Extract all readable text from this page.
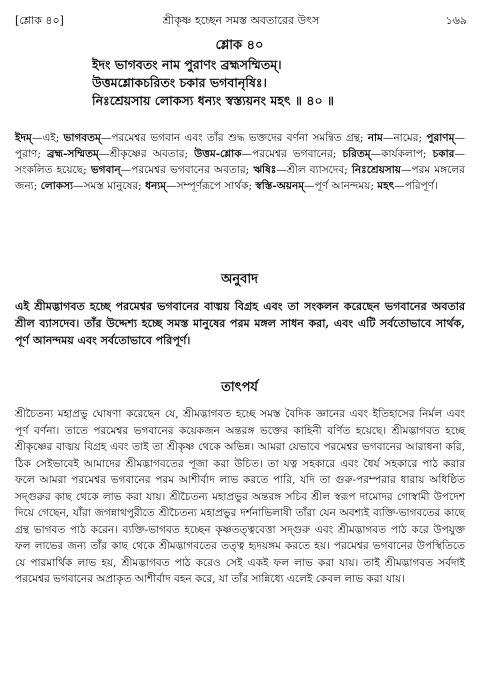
[শ্লোক ৪০]	শ্রীকৃষ্ণ হচ্ছেন সমস্ত অবতারের উৎস	১৬৯
শ্লোক ৪০
ইদং ভাগবতং নাম পুরাণং ব্রহ্মসম্মিতম্।
উত্তমশ্লোকচরিতং চকার ভগবানৃষিঃ।
নিঃশ্রেয়সায় লোকস্য ধন্যং স্বস্ত্যয়নং মহৎ ॥ ৪০ ॥
ইদম্—এই; ভাগবতম্—পরমেশ্বর ভগবান এবং তাঁর শুদ্ধ ভক্তদের বর্ণনা সমন্বিত গ্রন্থ; নাম—নামের; পুরাণম্—পুরাণ; ব্রহ্ম-সম্মিতম্—শ্রীকৃষ্ণের অবতার; উত্তম-শ্লোক—পরমেশ্বর ভগবানের; চরিতম্—কার্যকলাপ; চকার—সংকলিত হয়েছে; ভগবান্—পরমেশ্বর ভগবানের অবতার; ঋষিঃ—শ্রীল ব্যাসদেব; নিঃশ্রেয়সায়—পরম মঙ্গলের জন্য; লোকস্য—সমস্ত মানুষের; ধন্যম্—সম্পূর্ণরূপে সার্থক; স্বস্তি-অয়নম্—পূর্ণ আনন্দময়; মহৎ—পরিপূর্ণ।
অনুবাদ
এই শ্রীমদ্ভাগবত হচ্ছে পরমেশ্বর ভগবানের বাঙ্ময় বিগ্রহ এবং তা সংকলন করেছেন ভগবানের অবতার শ্রীল ব্যাসদেব। তাঁর উদ্দেশ্য হচ্ছে সমস্ত মানুষের পরম মঙ্গল সাধন করা, এবং এটি সর্বতোভাবে সার্থক, পূর্ণ আনন্দময় এবং সর্বতোভাবে পরিপূর্ণ।
তাৎপর্য
শ্রীচৈতন্য মহাপ্রভু ঘোষণা করেছেন যে, শ্রীমদ্ভাগবত হচ্ছে সমস্ত বৈদিক জ্ঞানের এবং ইতিহাসের নির্মল এবং পূর্ণ বর্ণনা। তাতে পরমেশ্বর ভগবানের কয়েকজন অন্তরঙ্গ ভক্তের কাহিনী বর্ণিত হয়েছে। শ্রীমদ্ভাগবত হচ্ছে শ্রীকৃষ্ণের বাঙ্ময় বিগ্রহ এবং তাই তা শ্রীকৃষ্ণ থেকে অভিন্ন। আমরা যেভাবে পরমেশ্বর ভগবানের আরাধনা করি, ঠিক সেইভাবেই আমাদের শ্রীমদ্ভাগবতের পূজা করা উচিত। তা যত্ন সহকারে এবং ধৈর্য সহকারে পাঠ করার ফলে আমরা পরমেশ্বর ভগবানের পরম আশীর্বাদ লাভ করতে পারি, যদি তা গুরু-পরম্পরার ধারায় অধিষ্ঠিত সদ্গুরুর কাছ থেকে লাভ করা যায়। শ্রীচৈতন্য মহাপ্রভুর অন্তরঙ্গ সচিব শ্রীল স্বরূপ দামোদর গোস্বামী উপদেশ দিয়ে গেছেন, যাঁরা জগন্নাথপুরীতে শ্রীচৈতন্য মহাপ্রভুর দর্শনাভিলাষী তাঁরা যেন অবশ্যই ব্যক্তি-ভাগবতের কাছে গ্রন্থ ভাগবত পাঠ করেন। ব্যক্তি-ভাগবত হচ্ছেন কৃষ্ণতত্ত্ববেত্তা সদ্গুরু এবং শ্রীমদ্ভাগবত পাঠ করে উপযুক্ত ফল লাভের জন্য তাঁর কাছ থেকে শ্রীমদ্ভাগবতের তত্ত্ব হৃদয়ঙ্গম করতে হয়। পরমেশ্বর ভগবানের উপস্থিতিতে যে পারমার্থিক লাভ হয়, শ্রীমদ্ভাগবত পাঠ করেও সেই একই ফল লাভ করা যায়। তাই শ্রীমদ্ভাগবত সর্বদাই পরমেশ্বর ভগবানের অপ্রাকৃত আশীর্বাদ বহন করে, যা তাঁর সান্নিধ্যে এলেই কেবল লাভ করা যায়।
